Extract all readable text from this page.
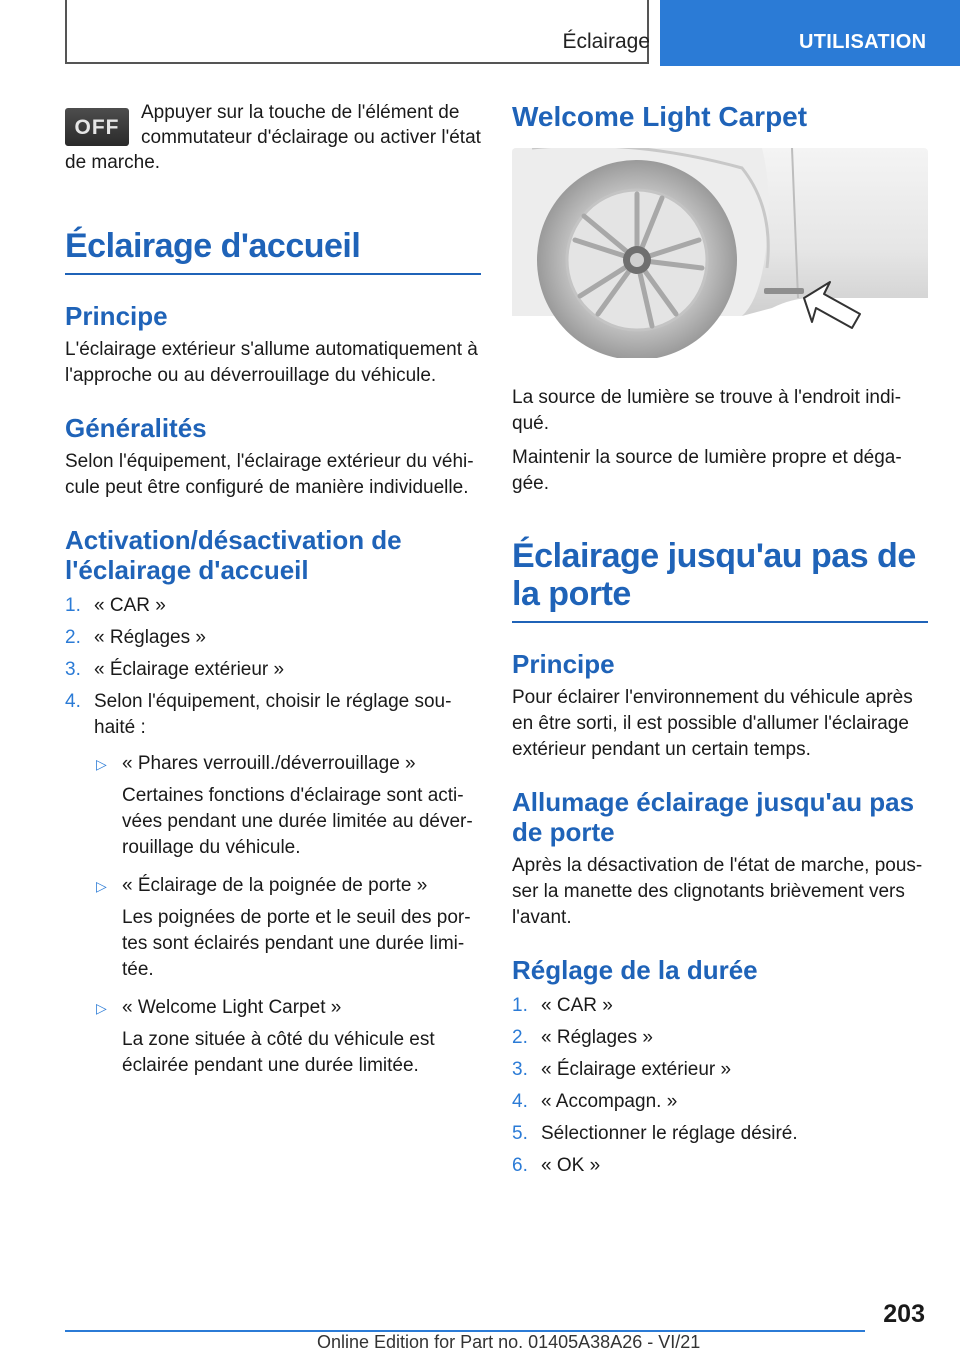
Éclairage	UTILISATION
OFF
Appuyer sur la touche de l'élément de commutateur d'éclairage ou activer l'état de marche.
Éclairage d'accueil
Principe

L'éclairage extérieur s'allume automatiquement à l'approche ou au déverrouillage du véhicule.

Généralités

Selon l'équipement, l'éclairage extérieur du véhi-cule peut être configuré de manière individuelle.

Activation/désactivation de l'éclairage d'accueil
1. « CAR »
2. « Réglages »
3. « Éclairage extérieur »
4. Selon l'équipement, choisir le réglage sou-haité :
▷ « Phares verrouill./déverrouillage »
Certaines fonctions d'éclairage sont acti-vées pendant une durée limitée au déver-rouillage du véhicule.
▷ « Éclairage de la poignée de porte »
Les poignées de porte et le seuil des por-tes sont éclairés pendant une durée limi-tée.
▷ « Welcome Light Carpet »
La zone située à côté du véhicule est éclairée pendant une durée limitée.
Welcome Light Carpet

La source de lumière se trouve à l'endroit indi-qué.

Maintenir la source de lumière propre et déga-gée.

Éclairage jusqu'au pas de la porte
Principe

Pour éclairer l'environnement du véhicule après en être sorti, il est possible d'allumer l'éclairage extérieur pendant un certain temps.

Allumage éclairage jusqu'au pas de porte

Après la désactivation de l'état de marche, pous-ser la manette des clignotants brièvement vers l'avant.

Réglage de la durée
1. « CAR »
2. « Réglages »
3. « Éclairage extérieur »
4. « Accompagn. »
5. Sélectionner le réglage désiré.
6. « OK »
203
Online Edition for Part no. 01405A38A26 - VI/21
